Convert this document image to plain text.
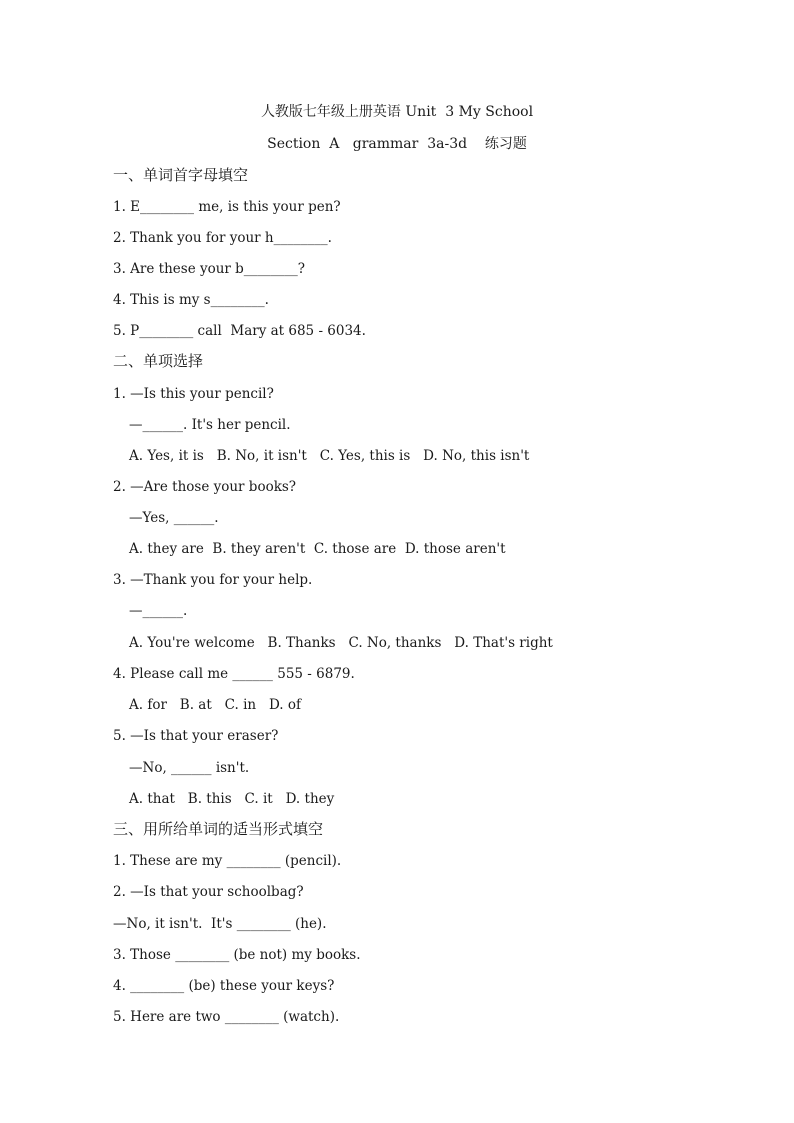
人教版七年级上册英语 Unit  3 My School
Section  A   grammar  3a-3d    练习题
一、单词首字母填空
1. E________ me, is this your pen?
2. Thank you for your h________.
3. Are these your b________?
4. This is my s________.
5. P________ call  Mary at 685 - 6034.
二、单项选择
1. —Is this your pencil?
—______. It's her pencil.
A. Yes, it is   B. No, it isn't   C. Yes, this is   D. No, this isn't
2. —Are those your books?
—Yes, ______.
A. they are  B. they aren't  C. those are  D. those aren't
3. —Thank you for your help.
—______.
A. You're welcome   B. Thanks   C. No, thanks   D. That's right
4. Please call me ______ 555 - 6879.
A. for   B. at   C. in   D. of
5. —Is that your eraser?
—No, ______ isn't.
A. that   B. this   C. it   D. they
三、用所给单词的适当形式填空
1. These are my ________ (pencil).
2. —Is that your schoolbag?
—No, it isn't.  It's ________ (he).
3. Those ________ (be not) my books.
4. ________ (be) these your keys?
5. Here are two ________ (watch).
